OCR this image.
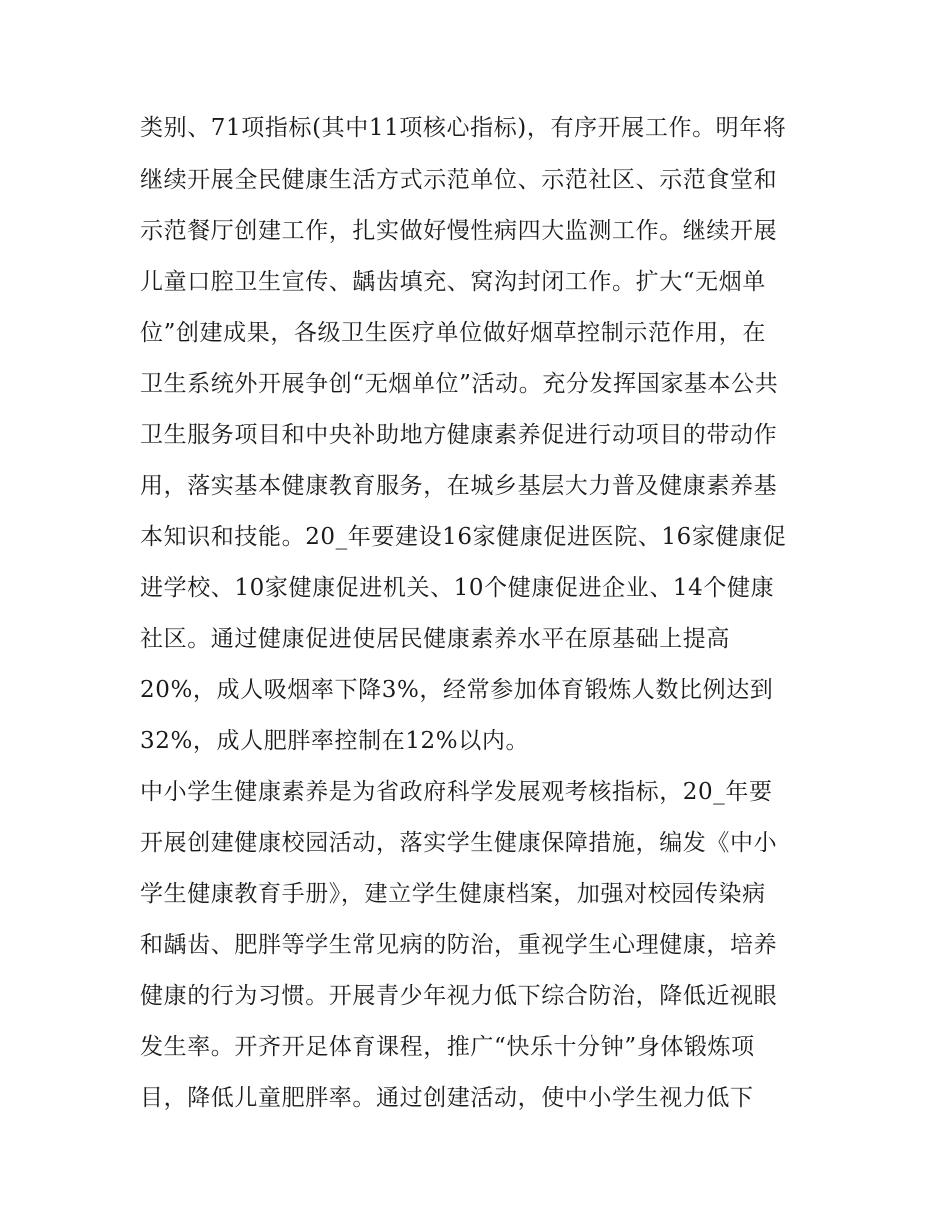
类别、71项指标(其中11项核心指标)，有序开展工作。明年将
继续开展全民健康生活方式示范单位、示范社区、示范食堂和
示范餐厅创建工作，扎实做好慢性病四大监测工作。继续开展
儿童口腔卫生宣传、龋齿填充、窝沟封闭工作。扩大“无烟单
位”创建成果，各级卫生医疗单位做好烟草控制示范作用，在
卫生系统外开展争创“无烟单位”活动。充分发挥国家基本公共
卫生服务项目和中央补助地方健康素养促进行动项目的带动作
用，落实基本健康教育服务，在城乡基层大力普及健康素养基
本知识和技能。20_年要建设16家健康促进医院、16家健康促
进学校、10家健康促进机关、10个健康促进企业、14个健康
社区。通过健康促进使居民健康素养水平在原基础上提高
20%，成人吸烟率下降3%，经常参加体育锻炼人数比例达到
32%，成人肥胖率控制在12%以内。
中小学生健康素养是为省政府科学发展观考核指标，20_年要
开展创建健康校园活动，落实学生健康保障措施，编发《中小
学生健康教育手册》，建立学生健康档案，加强对校园传染病
和龋齿、肥胖等学生常见病的防治，重视学生心理健康，培养
健康的行为习惯。开展青少年视力低下综合防治，降低近视眼
发生率。开齐开足体育课程，推广“快乐十分钟”身体锻炼项
目，降低儿童肥胖率。通过创建活动，使中小学生视力低下
